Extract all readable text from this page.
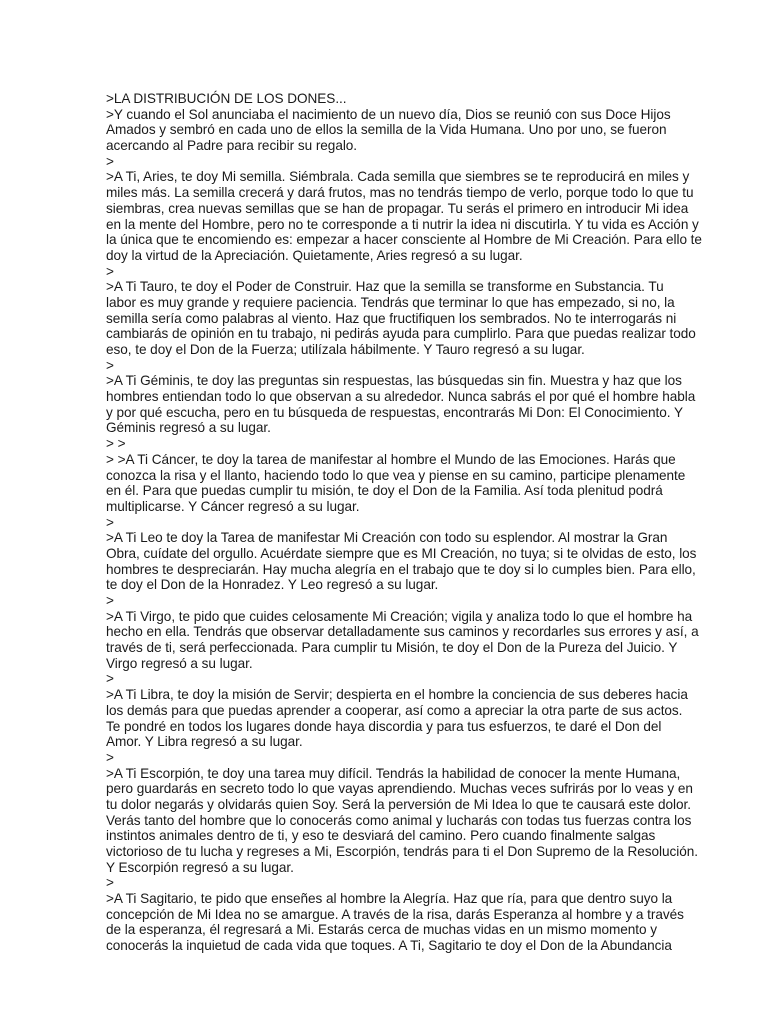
>LA DISTRIBUCIÓN DE LOS DONES...
>Y cuando el Sol anunciaba el nacimiento de un nuevo día, Dios se reunió con sus Doce Hijos
Amados y sembró en cada uno de ellos la semilla de la Vida Humana. Uno por uno, se fueron
acercando al Padre para recibir su regalo.
>
>A Ti, Aries, te doy Mi semilla. Siémbrala. Cada semilla que siembres se te reproducirá en miles y
miles más. La semilla crecerá y dará frutos, mas no tendrás tiempo de verlo, porque todo lo que tu
siembras, crea nuevas semillas que se han de propagar. Tu serás el primero en introducir Mi idea
en la mente del Hombre, pero no te corresponde a ti nutrir la idea ni discutirla. Y tu vida es Acción y
la única que te encomiendo es: empezar a hacer consciente al Hombre de Mi Creación. Para ello te
doy la virtud de la Apreciación. Quietamente, Aries regresó a su lugar.
>
>A Ti Tauro, te doy el Poder de Construir. Haz que la semilla se transforme en Substancia. Tu
labor es muy grande y requiere paciencia. Tendrás que terminar lo que has empezado, si no, la
semilla sería como palabras al viento. Haz que fructifiquen los sembrados. No te interrogarás ni
cambiarás de opinión en tu trabajo, ni pedirás ayuda para cumplirlo. Para que puedas realizar todo
eso, te doy el Don de la Fuerza; utilízala hábilmente. Y Tauro regresó a su lugar.
>
>A Ti Géminis, te doy las preguntas sin respuestas, las búsquedas sin fin. Muestra y haz que los
hombres entiendan todo lo que observan a su alrededor. Nunca sabrás el por qué el hombre habla
y por qué escucha, pero en tu búsqueda de respuestas, encontrarás Mi Don: El Conocimiento. Y
Géminis regresó a su lugar.
> >
> >A Ti Cáncer, te doy la tarea de manifestar al hombre el Mundo de las Emociones. Harás que
conozca la risa y el llanto, haciendo todo lo que vea y piense en su camino, participe plenamente
en él. Para que puedas cumplir tu misión, te doy el Don de la Familia. Así toda plenitud podrá
multiplicarse. Y Cáncer regresó a su lugar.
>
>A Ti Leo te doy la Tarea de manifestar Mi Creación con todo su esplendor. Al mostrar la Gran
Obra, cuídate del orgullo. Acuérdate siempre que es MI Creación, no tuya; si te olvidas de esto, los
hombres te despreciarán. Hay mucha alegría en el trabajo que te doy si lo cumples bien. Para ello,
te doy el Don de la Honradez. Y Leo regresó a su lugar.
>
>A Ti Virgo, te pido que cuides celosamente Mi Creación; vigila y analiza todo lo que el hombre ha
hecho en ella. Tendrás que observar detalladamente sus caminos y recordarles sus errores y así, a
través de ti, será perfeccionada. Para cumplir tu Misión, te doy el Don de la Pureza del Juicio. Y
Virgo regresó a su lugar.
>
>A Ti Libra, te doy la misión de Servir; despierta en el hombre la conciencia de sus deberes hacia
los demás para que puedas aprender a cooperar, así como a apreciar la otra parte de sus actos.
Te pondré en todos los lugares donde haya discordia y para tus esfuerzos, te daré el Don del
Amor. Y Libra regresó a su lugar.
>
>A Ti Escorpión, te doy una tarea muy difícil. Tendrás la habilidad de conocer la mente Humana,
pero guardarás en secreto todo lo que vayas aprendiendo. Muchas veces sufrirás por lo veas y en
tu dolor negarás y olvidarás quien Soy. Será la perversión de Mi Idea lo que te causará este dolor.
Verás tanto del hombre que lo conocerás como animal y lucharás con todas tus fuerzas contra los
instintos animales dentro de ti, y eso te desviará del camino. Pero cuando finalmente salgas
victorioso de tu lucha y regreses a Mi, Escorpión, tendrás para ti el Don Supremo de la Resolución.
Y Escorpión regresó a su lugar.
>
>A Ti Sagitario, te pido que enseñes al hombre la Alegría. Haz que ría, para que dentro suyo la
concepción de Mi Idea no se amargue. A través de la risa, darás Esperanza al hombre y a través
de la esperanza, él regresará a Mi. Estarás cerca de muchas vidas en un mismo momento y
conocerás la inquietud de cada vida que toques. A Ti, Sagitario te doy el Don de la Abundancia
